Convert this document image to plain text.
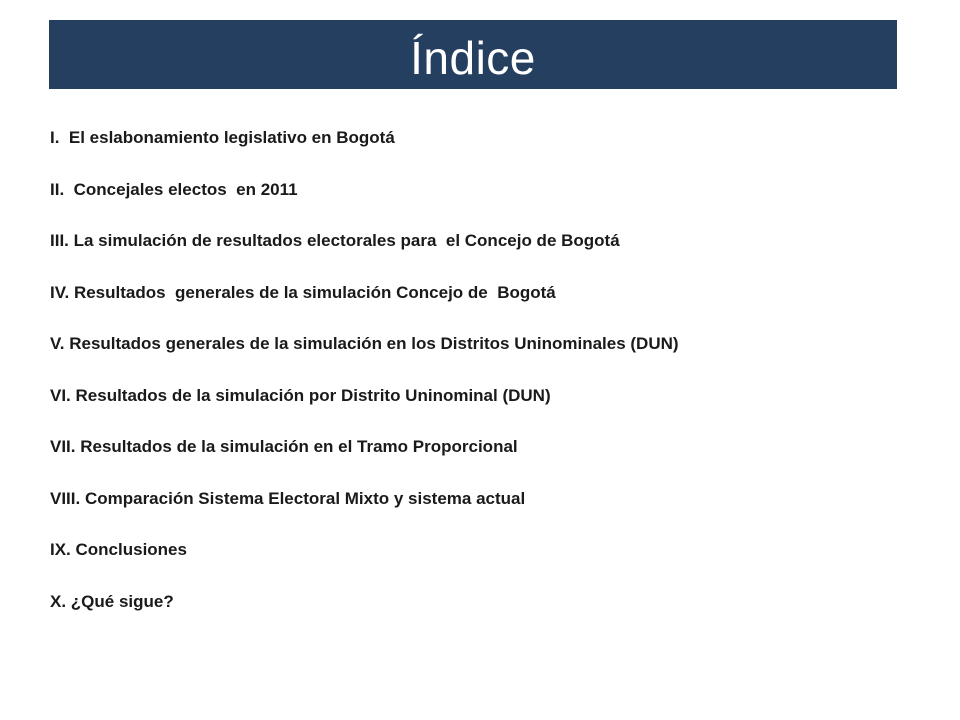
Índice
I.  El eslabonamiento legislativo en Bogotá
II.  Concejales electos  en 2011
III. La simulación de resultados electorales para  el Concejo de Bogotá
IV. Resultados  generales de la simulación Concejo de  Bogotá
V. Resultados generales de la simulación en los Distritos Uninominales (DUN)
VI. Resultados de la simulación por Distrito Uninominal (DUN)
VII. Resultados de la simulación en el Tramo Proporcional
VIII. Comparación Sistema Electoral Mixto y sistema actual
IX. Conclusiones
X. ¿Qué sigue?
